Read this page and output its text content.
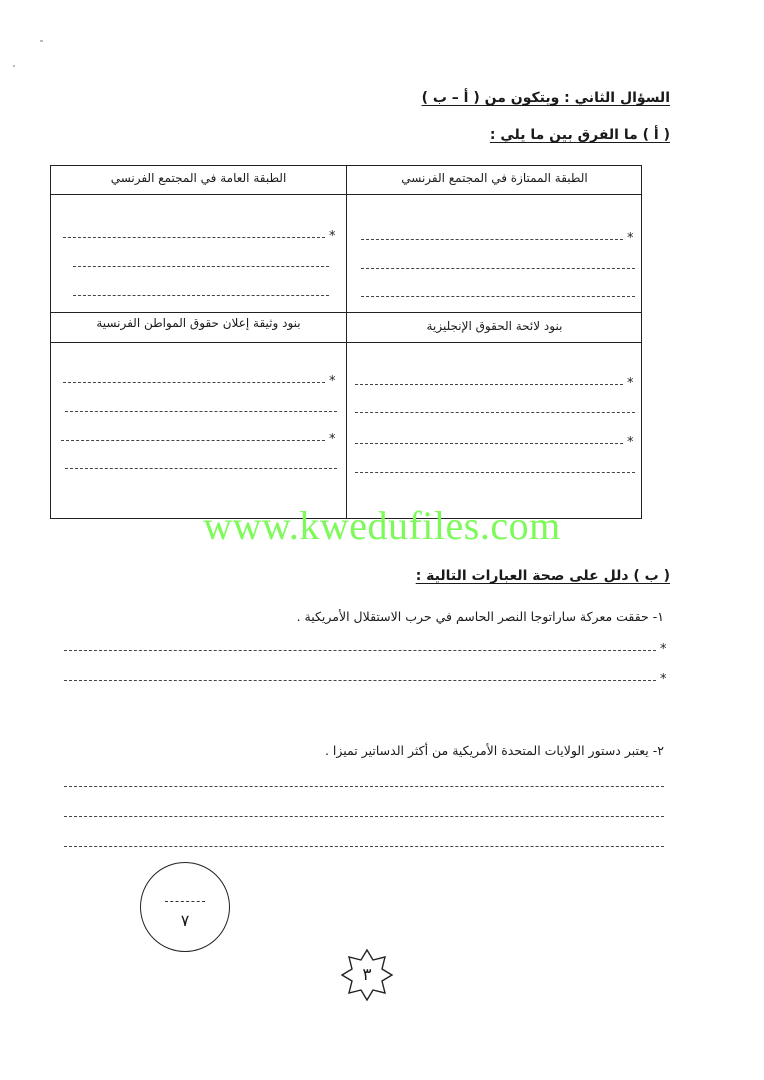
السؤال الثاني : ويتكون من ( أ – ب )
( أ ) ما الفرق بين ما يلي :
الطبقة الممتازة في المجتمع الفرنسي
الطبقة العامة في المجتمع الفرنسي
*
*
بنود لائحة الحقوق الإنجليزية
بنود وثيقة إعلان حقوق المواطن الفرنسية
*
*
*
*
www.kwedufiles.com
( ب ) دلل على صحة العبارات التالية :
١- حققت معركة ساراتوجا النصر الحاسم في حرب الاستقلال الأمريكية .
*
*
٢- يعتبر دستور الولايات المتحدة الأمريكية من أكثر الدساتير تميزا .
٧
٣
